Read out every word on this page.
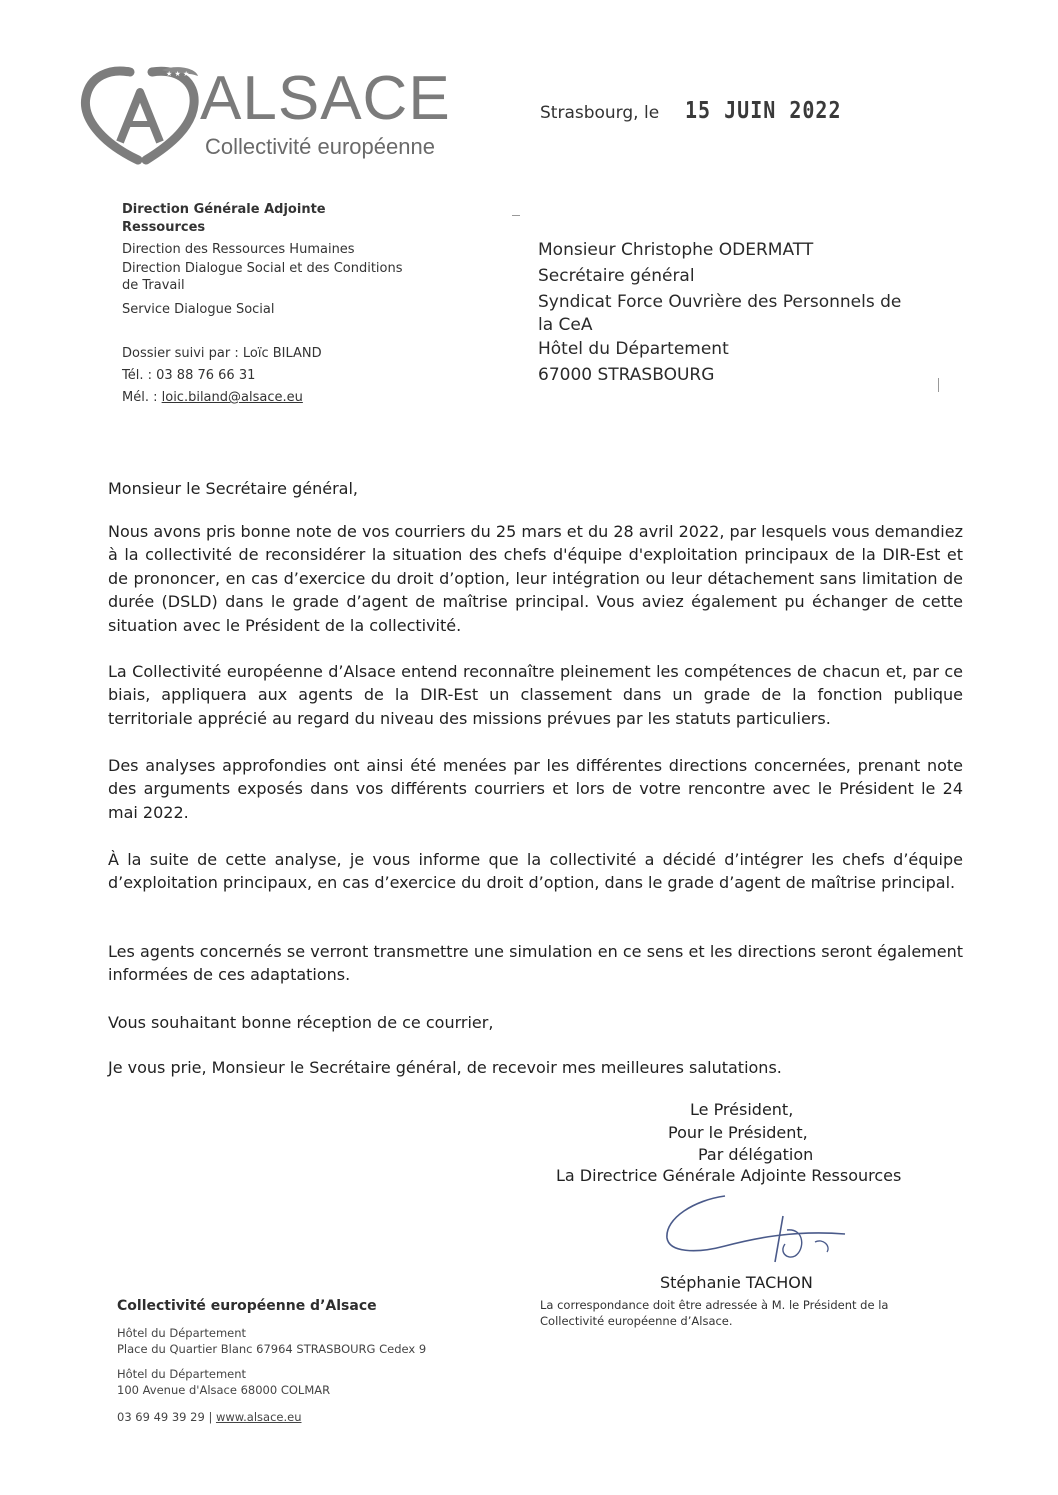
★ ★ ★ ALSACE
Collectivité européenne
Strasbourg, le 15 JUIN 2022
Direction Générale Adjointe
Ressources
Direction des Ressources Humaines
Direction Dialogue Social et des Conditions
de Travail
Service Dialogue Social
Dossier suivi par : Loïc BILAND
Tél. : 03 88 76 66 31
Mél. : loic.biland@alsace.eu
Monsieur Christophe ODERMATT
Secrétaire général
Syndicat Force Ouvrière des Personnels de
la CeA
Hôtel du Département
67000 STRASBOURG
Monsieur le Secrétaire général,
Nous avons pris bonne note de vos courriers du 25 mars et du 28 avril 2022, par lesquels vous demandiez à la collectivité de reconsidérer la situation des chefs d'équipe d'exploitation principaux de la DIR-Est et de prononcer, en cas d’exercice du droit d’option, leur intégration ou leur détachement sans limitation de durée (DSLD) dans le grade d’agent de maîtrise principal. Vous aviez également pu échanger de cette situation avec le Président de la collectivité.
La Collectivité européenne d’Alsace entend reconnaître pleinement les compétences de chacun et, par ce biais, appliquera aux agents de la DIR-Est un classement dans un grade de la fonction publique territoriale apprécié au regard du niveau des missions prévues par les statuts particuliers.
Des analyses approfondies ont ainsi été menées par les différentes directions concernées, prenant note des arguments exposés dans vos différents courriers et lors de votre rencontre avec le Président le 24 mai 2022.
À la suite de cette analyse, je vous informe que la collectivité a décidé d’intégrer les chefs d’équipe d’exploitation principaux, en cas d’exercice du droit d’option, dans le grade d’agent de maîtrise principal.
Les agents concernés se verront transmettre une simulation en ce sens et les directions seront également informées de ces adaptations.
Vous souhaitant bonne réception de ce courrier,
Je vous prie, Monsieur le Secrétaire général, de recevoir mes meilleures salutations.
Le Président,
Pour le Président,
Par délégation
La Directrice Générale Adjointe Ressources
Stéphanie TACHON
La correspondance doit être adressée à M. le Président de la
Collectivité européenne d’Alsace.
Collectivité européenne d’Alsace
Hôtel du Département
Place du Quartier Blanc 67964 STRASBOURG Cedex 9
Hôtel du Département
100 Avenue d'Alsace 68000 COLMAR
03 69 49 39 29 | www.alsace.eu
